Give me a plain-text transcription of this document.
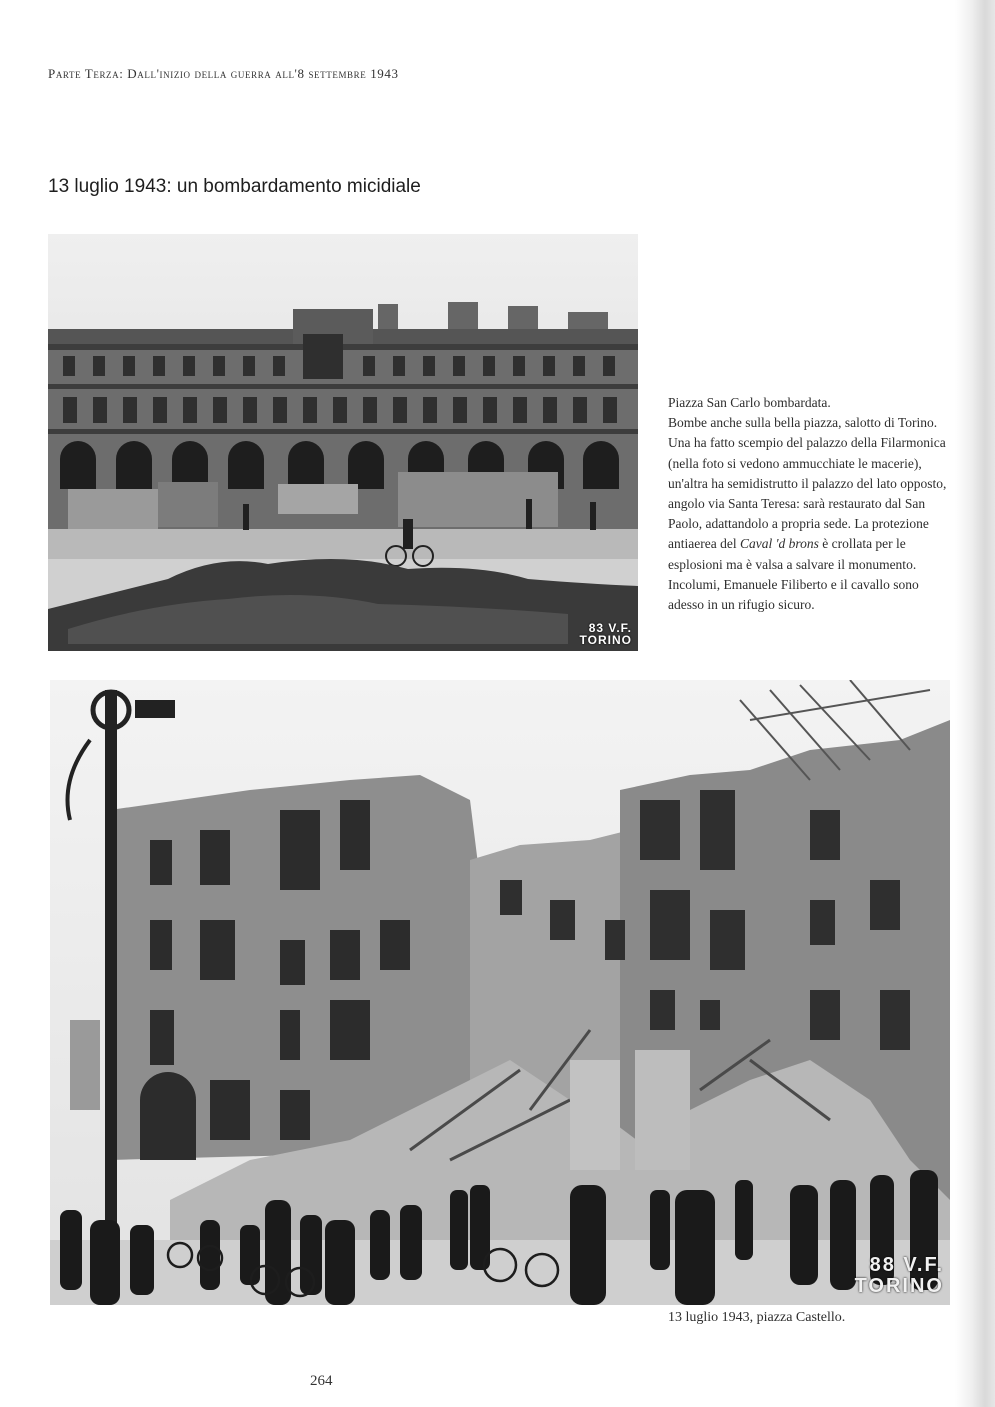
Parte Terza: Dall'inizio della guerra all'8 settembre 1943
13 luglio 1943: un bombardamento micidiale
83 V.F.
TORINO

Piazza San Carlo bombardata.

Bombe anche sulla bella piazza, salotto di Torino. Una ha fatto scempio del palazzo della Filarmonica (nella foto si vedono ammucchiate le macerie), un'altra ha semidistrutto il palazzo del lato opposto, angolo via Santa Teresa: sarà restaurato dal San Paolo, adattandolo a propria sede. La protezione antiaerea del Caval 'd brons è crollata per le esplosioni ma è valsa a salvare il monumento. Incolumi, Emanuele Filiberto e il cavallo sono adesso in un rifugio sicuro.

88 V.F.
TORINO
13 luglio 1943, piazza Castello.
264
